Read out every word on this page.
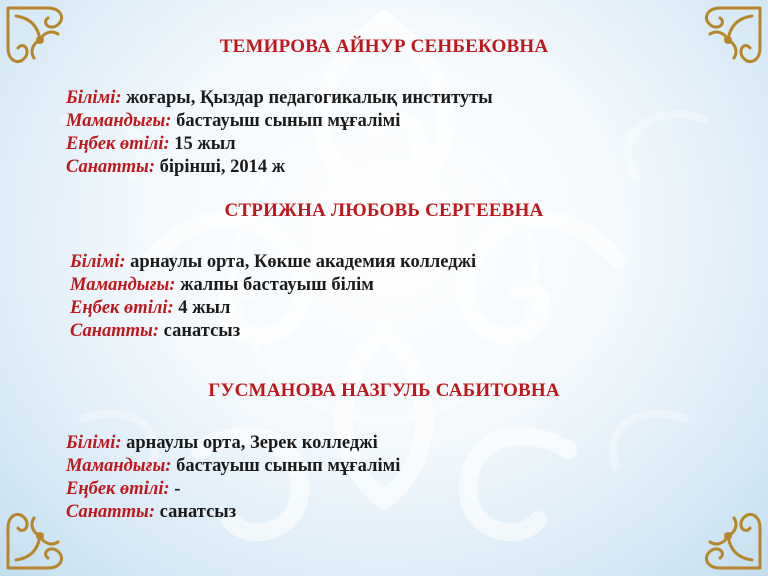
ТЕМИРОВА АЙНУР СЕНБЕКОВНА
Білімі: жоғары, Қыздар педагогикалық институты
Мамандығы: бастауыш сынып мұғалімі
Еңбек өтілі: 15 жыл
Санатты: бірінші, 2014 ж
СТРИЖНА ЛЮБОВЬ СЕРГЕЕВНА
Білімі: арнаулы орта, Көкше академия колледжі
Мамандығы: жалпы бастауыш білім
Еңбек өтілі: 4 жыл
Санатты: санатсыз
ГУСМАНОВА НАЗГУЛЬ САБИТОВНА
Білімі: арнаулы орта, Зерек колледжі
Мамандығы: бастауыш сынып мұғалімі
Еңбек өтілі: -
Санатты: санатсыз
